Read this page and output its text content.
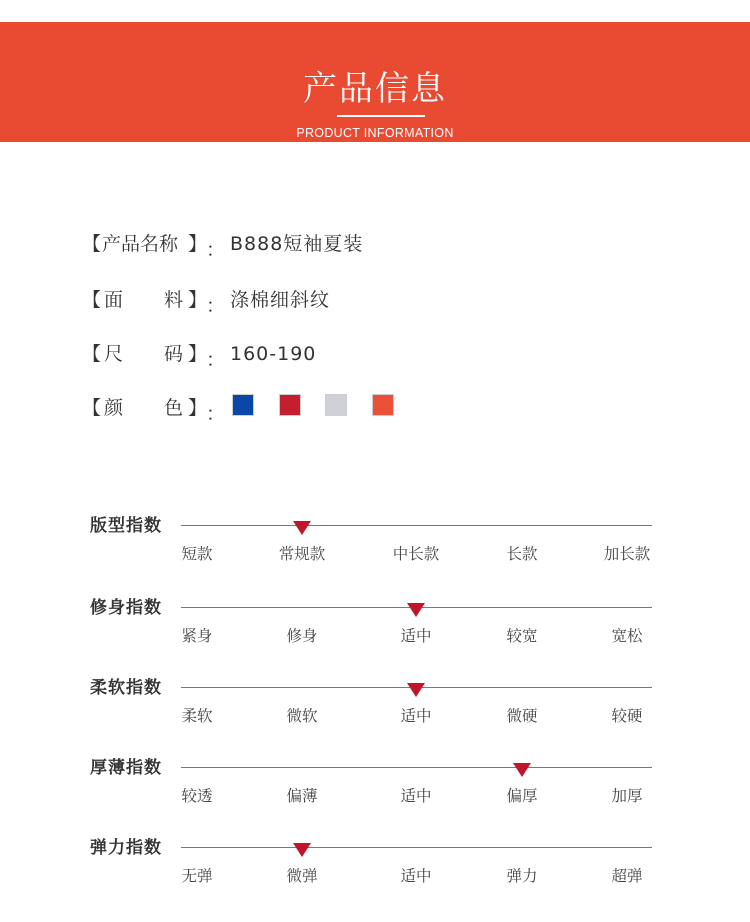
产品信息
PRODUCT INFORMATION
【 产品名称 】
： B888短袖夏装
【 面 料 】
： 涤棉细斜纹
【 尺 码 】
： 160-190
【 颜 色 】
：
版型指数
短款	常规款	中长款	长款	加长款
修身指数
紧身	修身	适中	较宽	宽松
柔软指数
柔软	微软	适中	微硬	较硬
厚薄指数
较透	偏薄	适中	偏厚	加厚
弹力指数
无弹	微弹	适中	弹力	超弹
